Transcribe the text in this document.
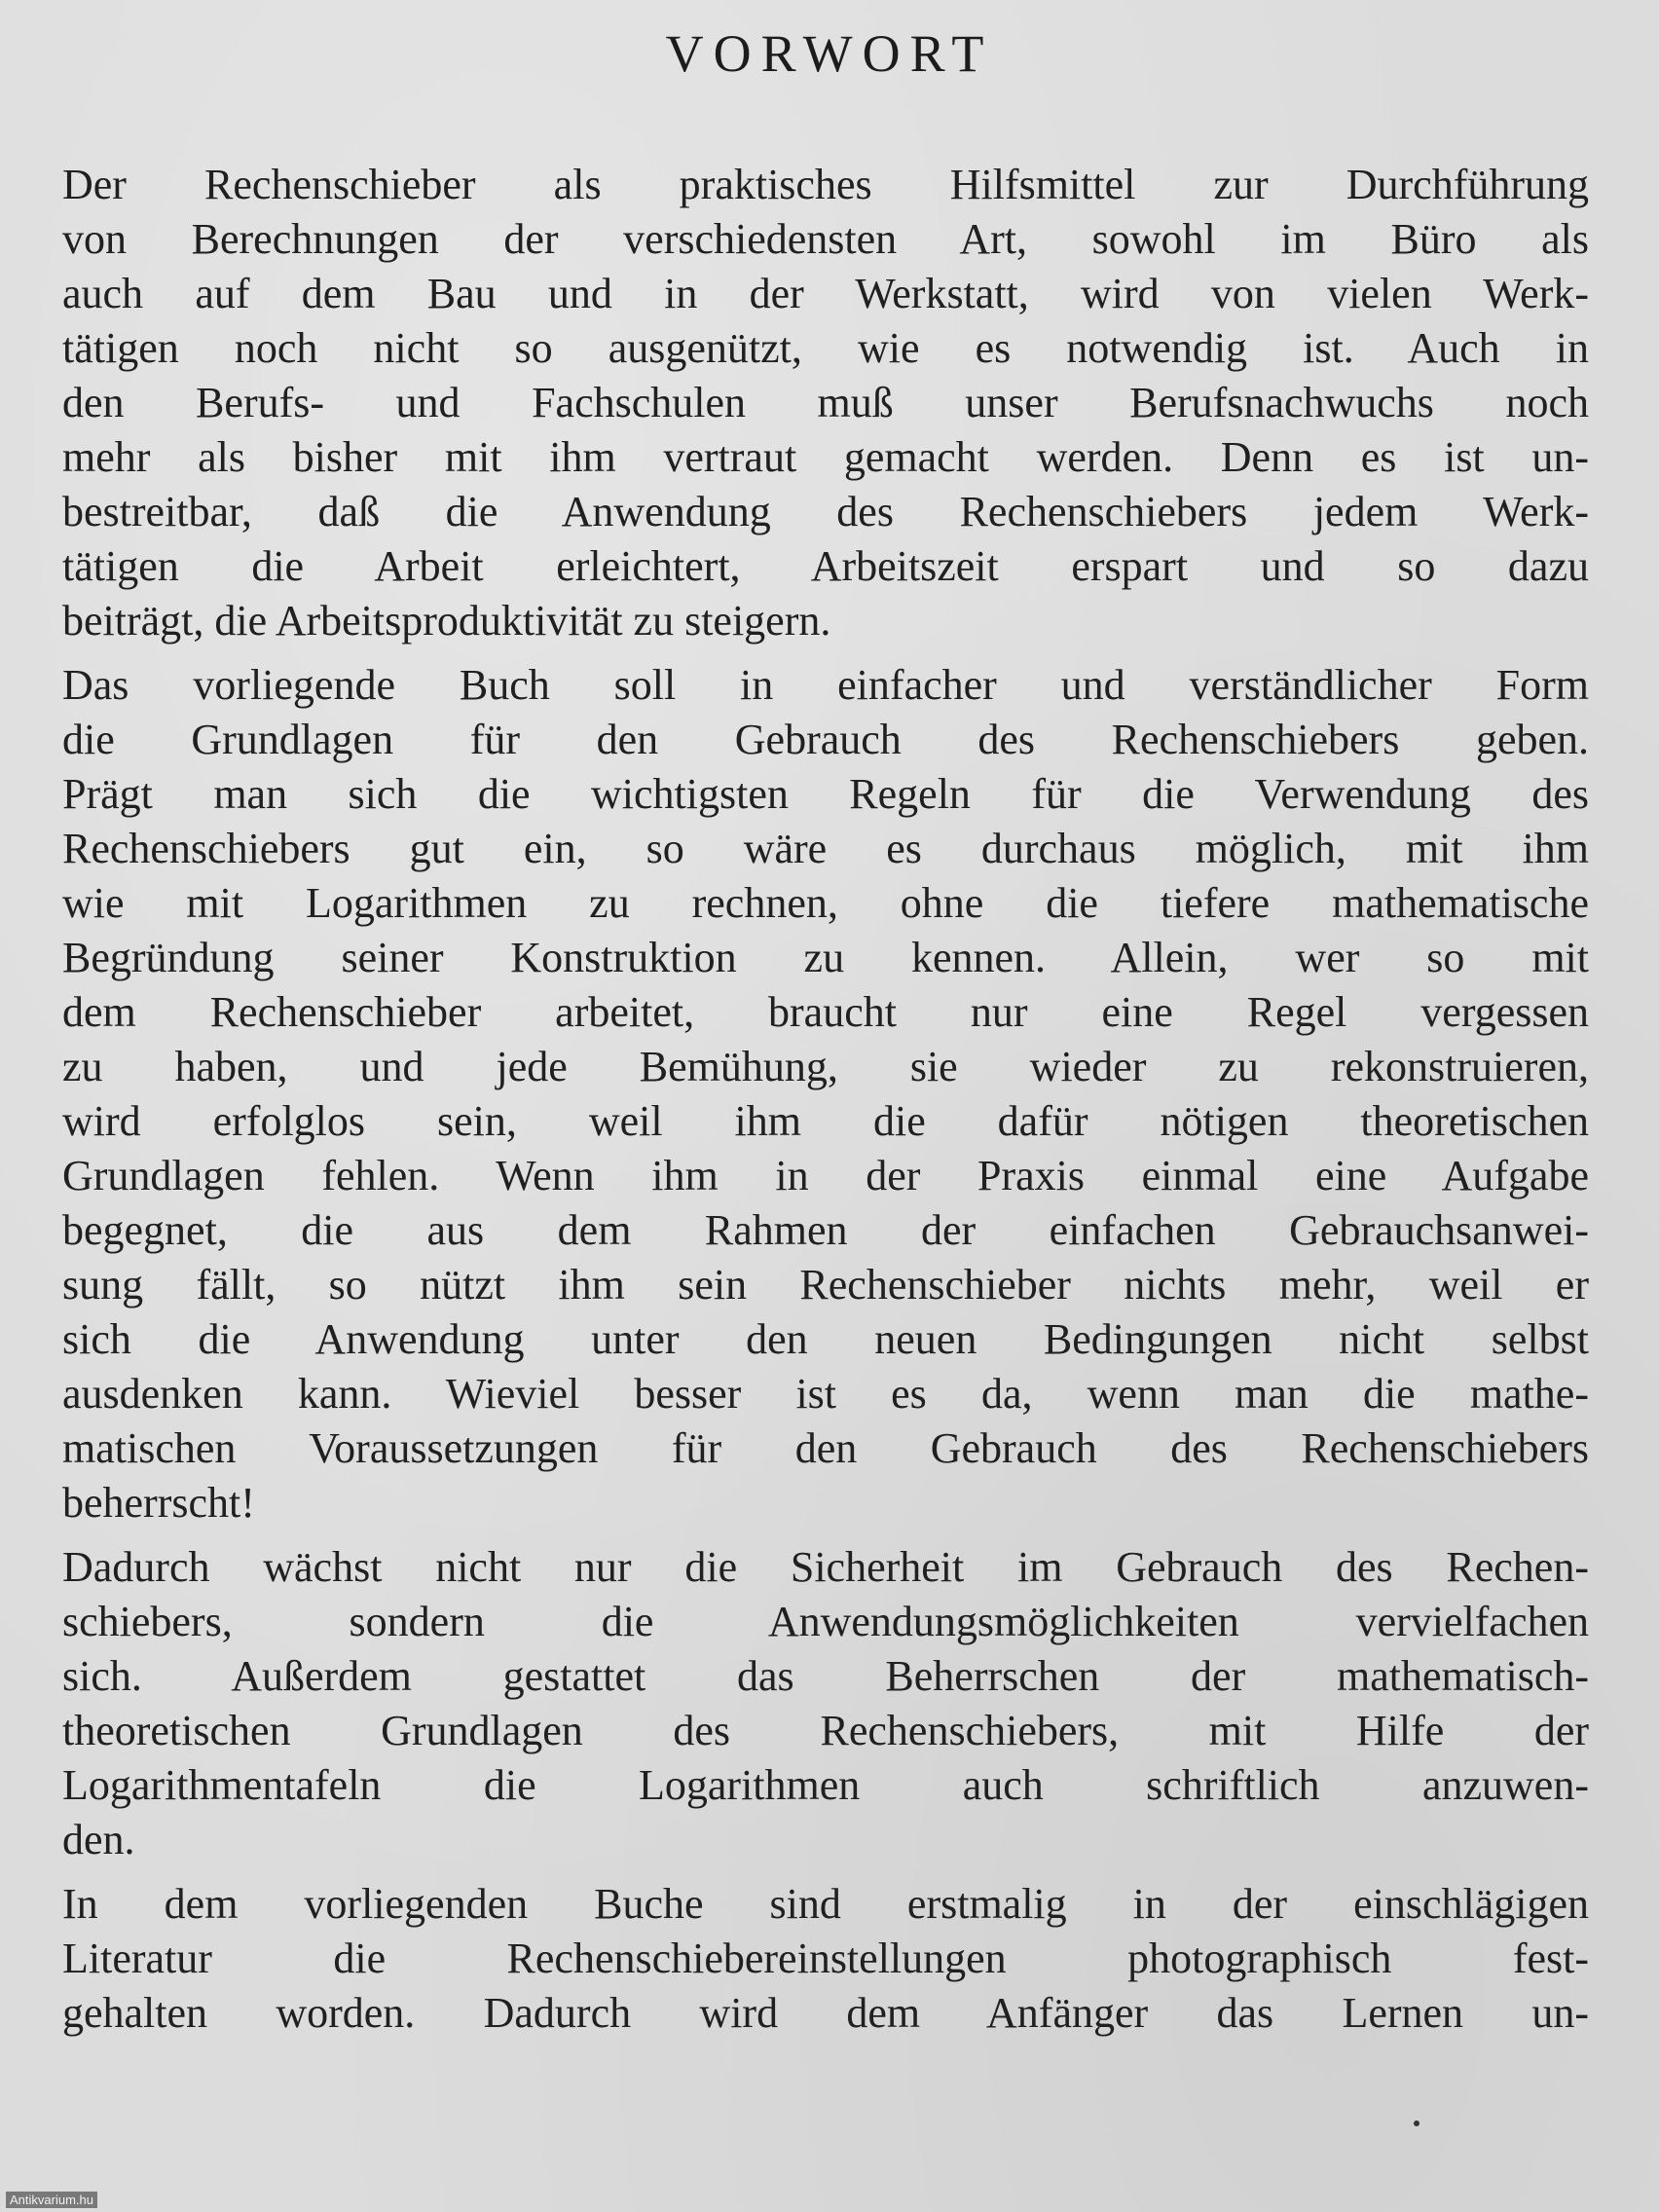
VORWORT

Der Rechenschieber als praktisches Hilfsmittel zur Durchführung
von Berechnungen der verschiedensten Art, sowohl im Büro als
auch auf dem Bau und in der Werkstatt, wird von vielen Werk-
tätigen noch nicht so ausgenützt, wie es notwendig ist. Auch in
den Berufs- und Fachschulen muß unser Berufsnachwuchs noch
mehr als bisher mit ihm vertraut gemacht werden. Denn es ist un-
bestreitbar, daß die Anwendung des Rechenschiebers jedem Werk-
tätigen die Arbeit erleichtert, Arbeitszeit erspart und so dazu
beiträgt, die Arbeitsproduktivität zu steigern.

Das vorliegende Buch soll in einfacher und verständlicher Form
die Grundlagen für den Gebrauch des Rechenschiebers geben.
Prägt man sich die wichtigsten Regeln für die Verwendung des
Rechenschiebers gut ein, so wäre es durchaus möglich, mit ihm
wie mit Logarithmen zu rechnen, ohne die tiefere mathematische
Begründung seiner Konstruktion zu kennen. Allein, wer so mit
dem Rechenschieber arbeitet, braucht nur eine Regel vergessen
zu haben, und jede Bemühung, sie wieder zu rekonstruieren,
wird erfolglos sein, weil ihm die dafür nötigen theoretischen
Grundlagen fehlen. Wenn ihm in der Praxis einmal eine Aufgabe
begegnet, die aus dem Rahmen der einfachen Gebrauchsanwei-
sung fällt, so nützt ihm sein Rechenschieber nichts mehr, weil er
sich die Anwendung unter den neuen Bedingungen nicht selbst
ausdenken kann. Wieviel besser ist es da, wenn man die mathe-
matischen Voraussetzungen für den Gebrauch des Rechenschiebers
beherrscht!

Dadurch wächst nicht nur die Sicherheit im Gebrauch des Rechen-
schiebers, sondern die Anwendungsmöglichkeiten vervielfachen
sich. Außerdem gestattet das Beherrschen der mathematisch-
theoretischen Grundlagen des Rechenschiebers, mit Hilfe der
Logarithmentafeln die Logarithmen auch schriftlich anzuwen-
den.

In dem vorliegenden Buche sind erstmalig in der einschlägigen
Literatur die Rechenschiebereinstellungen photographisch fest-
gehalten worden. Dadurch wird dem Anfänger das Lernen un-

Antikvarium.hu
